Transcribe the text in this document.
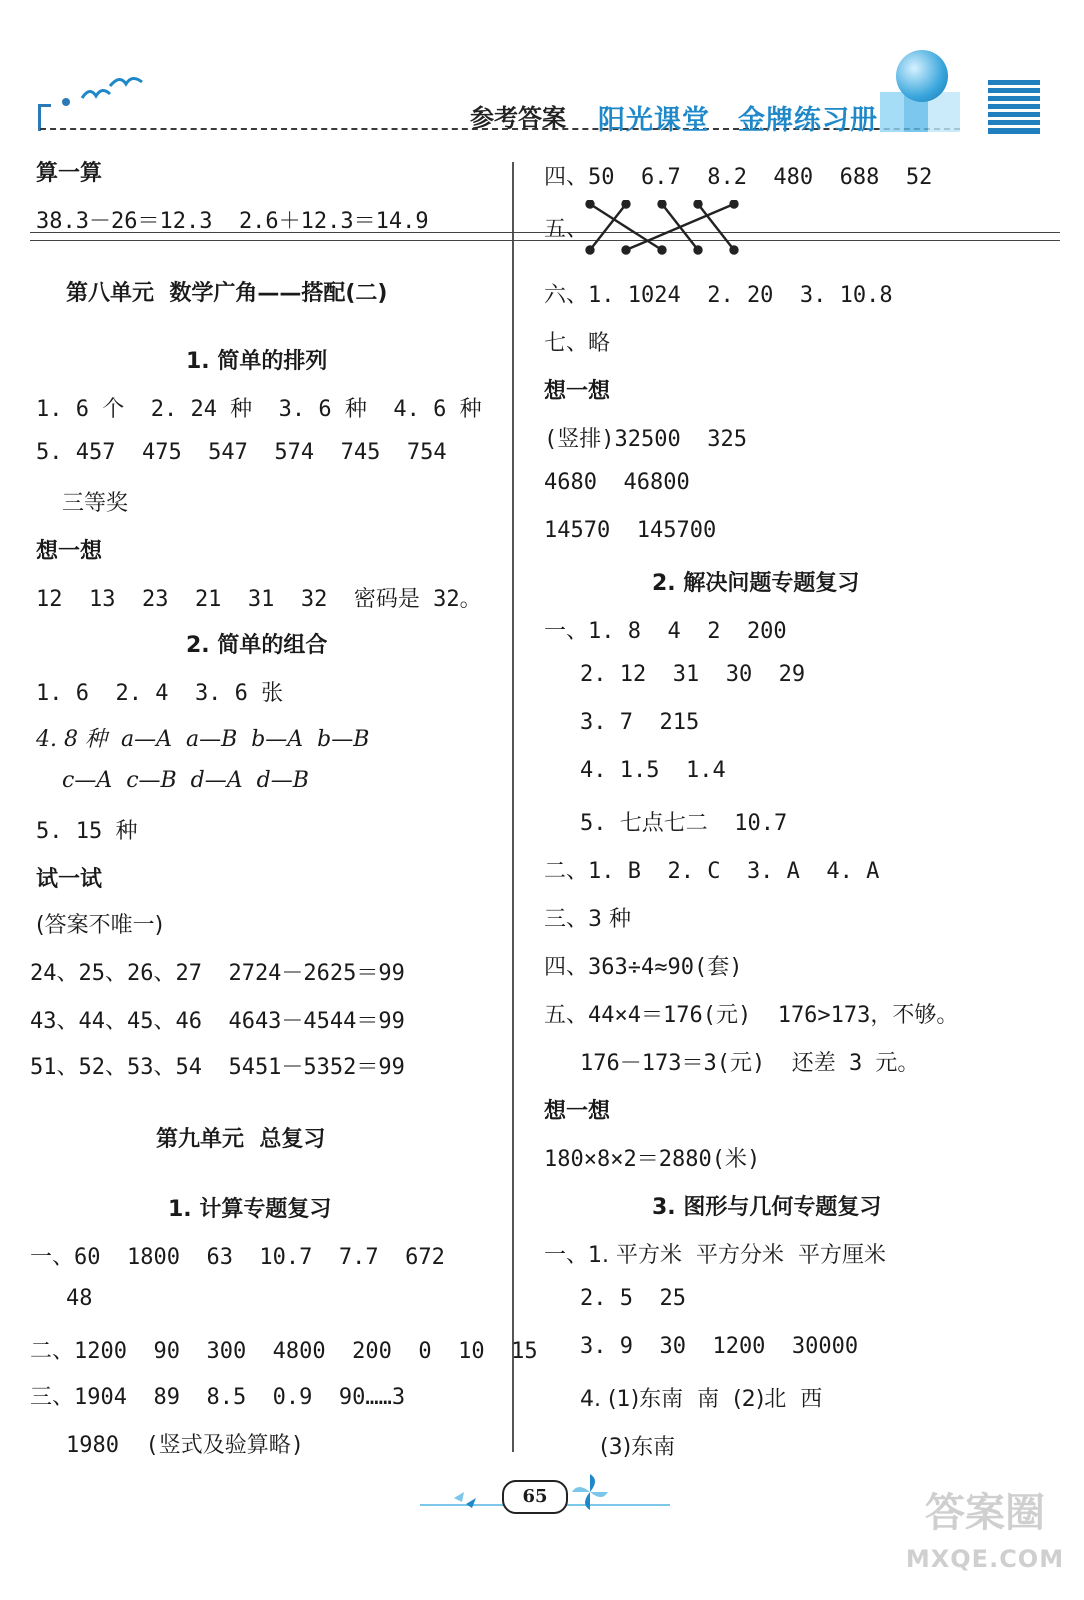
参考答案 阳光课堂 金牌练习册
算一算
38.3－26＝12.3  2.6＋12.3＝14.9
第八单元  数学广角——搭配(二)
1. 简单的排列
1. 6 个  2. 24 种  3. 6 种  4. 6 种
5. 457  475  547  574  745  754
三等奖
想一想
12  13  23  21  31  32  密码是 32。
2. 简单的组合
1. 6  2. 4  3. 6 张
4. 8 种  a—A  a—B  b—A  b—B
c—A  c—B  d—A  d—B
5. 15 种
试一试
(答案不唯一)
24、25、26、27  2724－2625＝99
43、44、45、46  4643－4544＝99
51、52、53、54  5451－5352＝99
第九单元  总复习
1. 计算专题复习
一、60  1800  63  10.7  7.7  672
48
二、1200  90  300  4800  200  0  10  15
三、1904  89  8.5  0.9  90……3
1980  (竖式及验算略)
四、50  6.7  8.2  480  688  52
五、
六、1. 1024  2. 20  3. 10.8
七、略
想一想
(竖排)32500  325
4680  46800
14570  145700
2. 解决问题专题复习
一、1. 8  4  2  200
2. 12  31  30  29
3. 7  215
4. 1.5  1.4
5. 七点七二  10.7
二、1. B  2. C  3. A  4. A
三、3 种
四、363÷4≈90(套)
五、44×4＝176(元)  176>173，不够。
176－173＝3(元)  还差 3 元。
想一想
180×8×2＝2880(米)
3. 图形与几何专题复习
一、1. 平方米  平方分米  平方厘米
2. 5  25
3. 9  30  1200  30000
4. (1)东南  南  (2)北  西
(3)东南
65	答案圈
MXQE.COM
